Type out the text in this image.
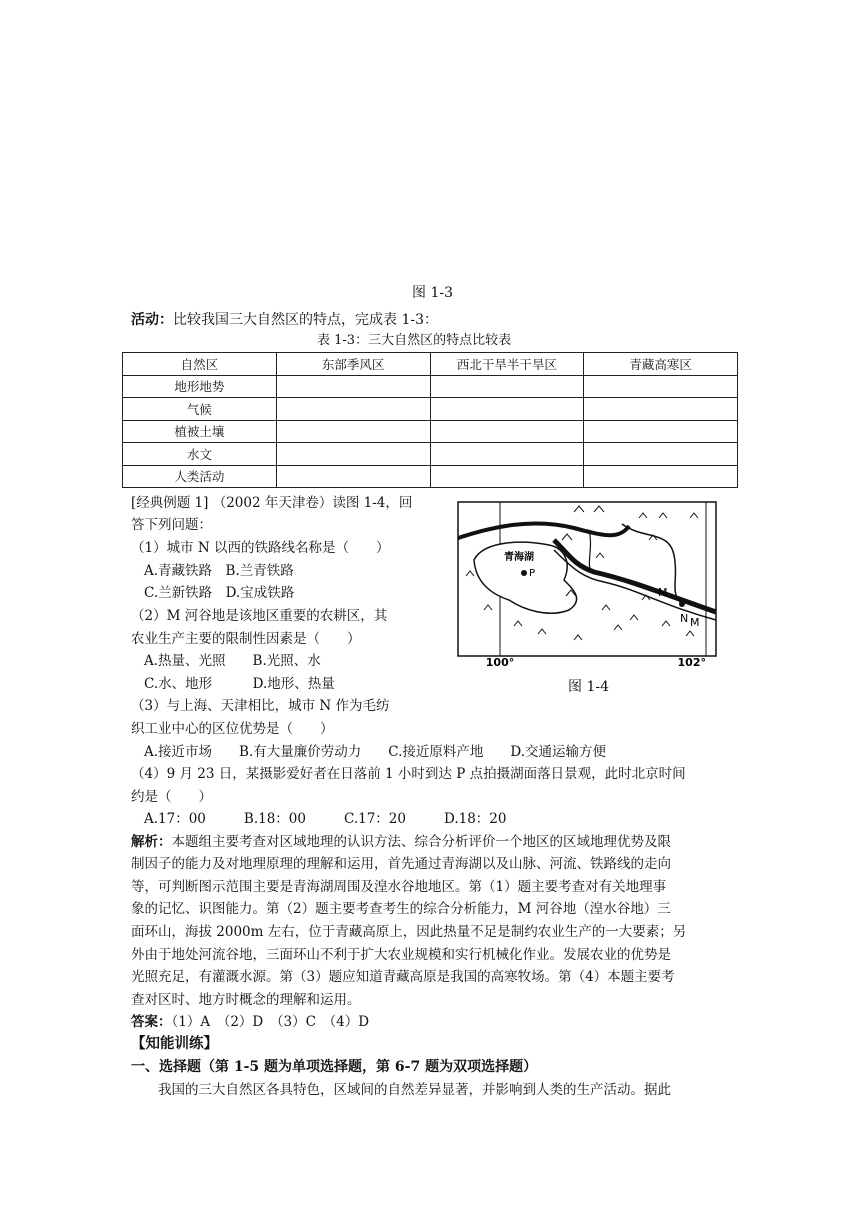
图 1-3
活动：比较我国三大自然区的特点，完成表 1-3：
表 1-3：三大自然区的特点比较表
自然区	东部季风区	西北干旱半干旱区	青藏高寒区
地形地势			
气候			
植被土壤			
水文			
人类活动			
[经典例题 1] （2002 年天津卷）读图 1-4，回
答下列问题：
（1）城市 N 以西的铁路线名称是（　　）
A.青藏铁路　B.兰青铁路
C.兰新铁路　D.宝成铁路
（2）M 河谷地是该地区重要的农耕区，其
农业生产主要的限制性因素是（　　）
A.热量、光照　　B.光照、水
C.水、地形　　　D.地形、热量
（3）与上海、天津相比，城市 N 作为毛纺
织工业中心的区位优势是（　　）
A.接近市场　　B.有大量廉价劳动力　　C.接近原料产地　　D.交通运输方便
（4）9 月 23 日，某摄影爱好者在日落前 1 小时到达 P 点拍摄湖面落日景观，此时北京时间
约是（　　）
A.17：00	B.18：00	C.17：20	D.18：20
青海湖
P
M
N M
100°	102°
图 1-4
解析：本题组主要考查对区域地理的认识方法、综合分析评价一个地区的区域地理优势及限
制因子的能力及对地理原理的理解和运用，首先通过青海湖以及山脉、河流、铁路线的走向
等，可判断图示范围主要是青海湖周围及湟水谷地地区。第（1）题主要考查对有关地理事
象的记忆、识图能力。第（2）题主要考查考生的综合分析能力，M 河谷地（湟水谷地）三
面环山，海拔 2000m 左右，位于青藏高原上，因此热量不足是制约农业生产的一大要素；另
外由于地处河流谷地，三面环山不利于扩大农业规模和实行机械化作业。发展农业的优势是
光照充足，有灌溉水源。第（3）题应知道青藏高原是我国的高寒牧场。第（4）本题主要考
查对区时、地方时概念的理解和运用。
答案：（1）A　（2）D　（3）C　（4）D
【知能训练】
一、选择题（第 1-5 题为单项选择题，第 6-7 题为双项选择题）
我国的三大自然区各具特色，区域间的自然差异显著，并影响到人类的生产活动。据此
